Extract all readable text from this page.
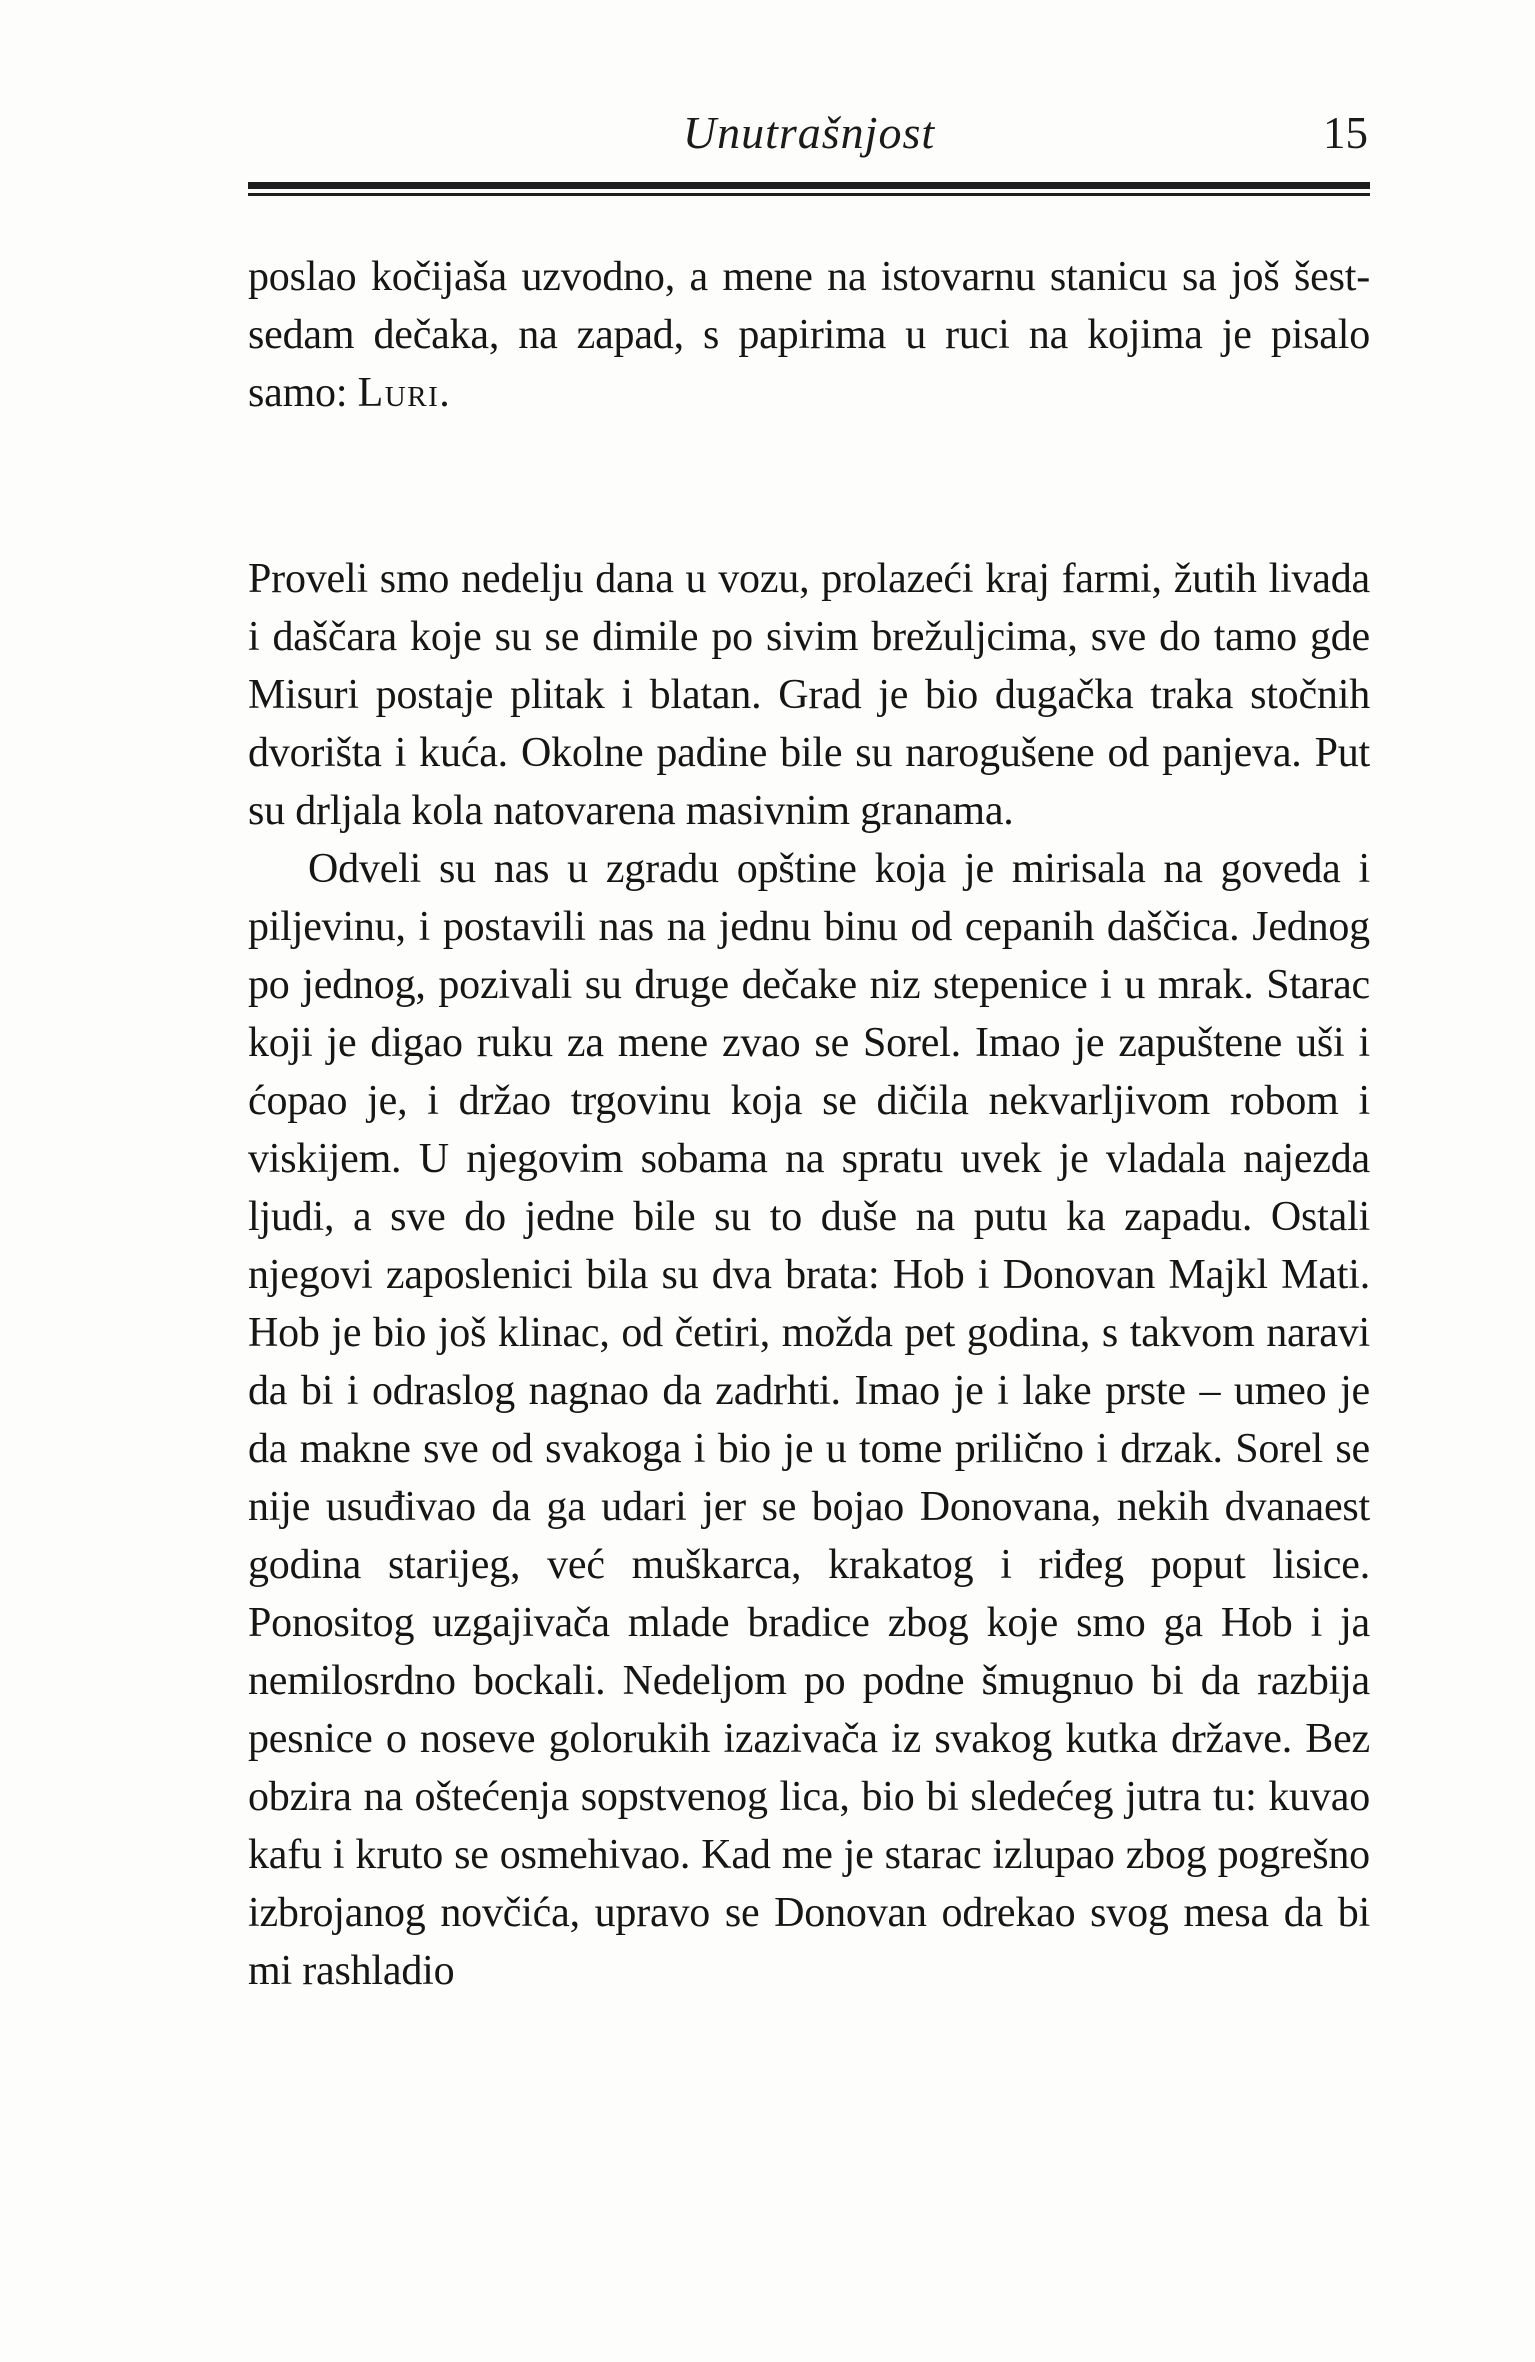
Unutrašnjost	15

poslao kočijaša uzvodno, a mene na istovarnu stanicu sa još šest-sedam dečaka, na zapad, s papirima u ruci na kojima je pisalo samo: Luri.

Proveli smo nedelju dana u vozu, prolazeći kraj farmi, žutih livada i daščara koje su se dimile po sivim brežuljcima, sve do tamo gde Misuri postaje plitak i blatan. Grad je bio dugačka traka stočnih dvorišta i kuća. Okolne padine bile su narogušene od panjeva. Put su drljala kola natovarena masivnim granama.

Odveli su nas u zgradu opštine koja je mirisala na goveda i piljevinu, i postavili nas na jednu binu od cepanih daščica. Jednog po jednog, pozivali su druge dečake niz stepenice i u mrak. Starac koji je digao ruku za mene zvao se Sorel. Imao je zapuštene uši i ćopao je, i držao trgovinu koja se dičila nekvarljivom robom i viskijem. U njegovim sobama na spratu uvek je vladala najezda ljudi, a sve do jedne bile su to duše na putu ka zapadu. Ostali njegovi zaposlenici bila su dva brata: Hob i Donovan Majkl Mati. Hob je bio još klinac, od četiri, možda pet godina, s takvom naravi da bi i odraslog nagnao da zadrhti. Imao je i lake prste – umeo je da makne sve od svakoga i bio je u tome prilično i drzak. Sorel se nije usuđivao da ga udari jer se bojao Donovana, nekih dvanaest godina starijeg, već muškarca, krakatog i riđeg poput lisice. Ponositog uzgajivača mlade bradice zbog koje smo ga Hob i ja nemilosrdno bockali. Nedeljom po podne šmugnuo bi da razbija pesnice o noseve golorukih izazivača iz svakog kutka države. Bez obzira na oštećenja sopstvenog lica, bio bi sledećeg jutra tu: kuvao kafu i kruto se osmehivao. Kad me je starac izlupao zbog pogrešno izbrojanog novčića, upravo se Donovan odrekao svog mesa da bi mi rashladio
